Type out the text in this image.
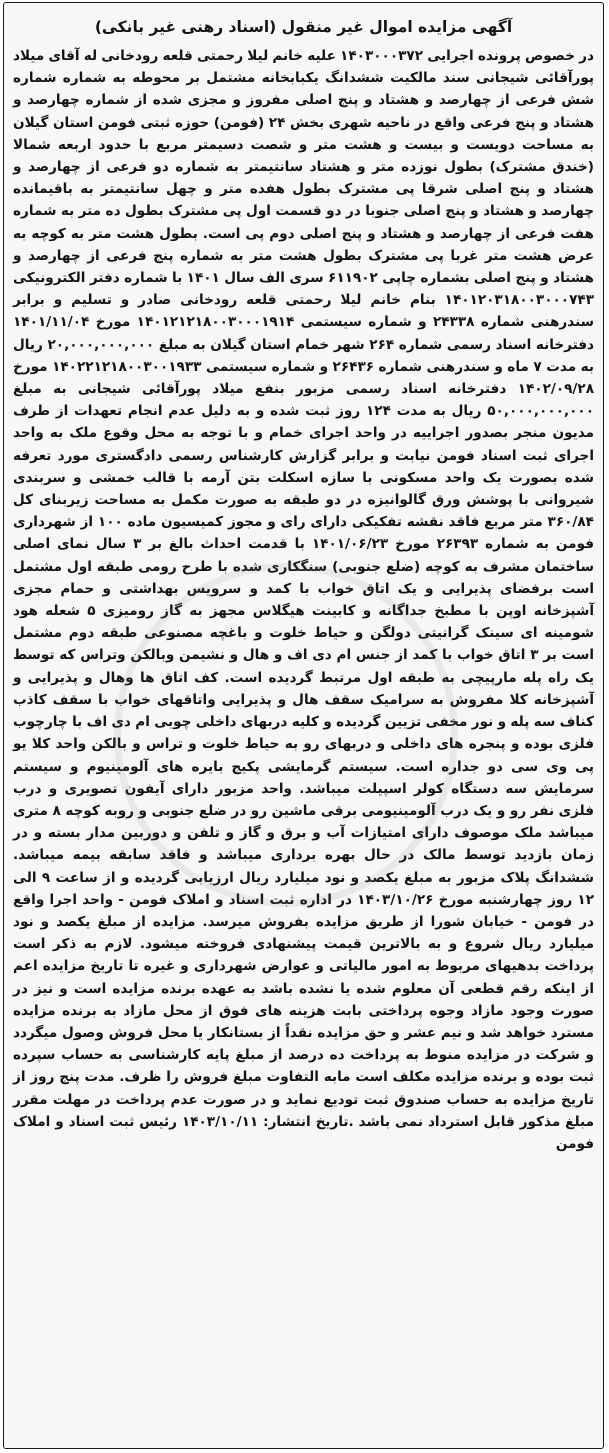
آگهی مزایده اموال غیر منقول (اسناد رهنی غیر بانکی)

در خصوص پرونده اجرایی ۱۴۰۳۰۰۰۳۷۲ علیه خانم لیلا رحمتی قلعه رودخانی له آقای میلاد پورآقائی شیجانی سند مالکیت ششدانگ یکبابخانه مشتمل بر محوطه به شماره شماره شش فرعی از چهارصد و هشتاد و پنج اصلی مفروز و مجزی شده از شماره چهارصد و هشتاد و پنج فرعی واقع در ناحیه شهری بخش ۲۴ (فومن) حوزه ثبتی فومن استان گیلان به مساحت دویست و بیست و هشت متر و شصت دسیمتر مربع با حدود اربعه شمالا (خندق مشترک) بطول نوزده متر و هشتاد سانتیمتر به شماره دو فرعی از چهارصد و هشتاد و پنج اصلی شرقا پی مشترک بطول هفده متر و چهل سانتیمتر به باقیمانده چهارصد و هشتاد و پنج اصلی جنوبا در دو قسمت اول پی مشترک بطول ده متر به شماره هفت فرعی از چهارصد و هشتاد و پنج اصلی دوم پی است. بطول هشت متر به کوچه به عرض هشت متر غربا پی مشترک بطول هشت متر به شماره پنج فرعی از چهارصد و هشتاد و پنج اصلی بشماره چاپی ۶۱۱۹۰۲ سری الف سال ۱۴۰۱ با شماره دفتر الکترونیکی ۱۴۰۱۲۰۳۱۸۰۰۳۰۰۰۷۴۳ بنام خانم لیلا رحمتی قلعه رودخانی صادر و تسلیم و برابر سندرهنی شماره ۲۴۳۳۸ و شماره سیستمی ۱۴۰۱۲۱۲۱۸۰۰۳۰۰۰۱۹۱۴ مورخ ۱۴۰۱/۱۱/۰۴ دفترخانه اسناد رسمی شماره ۲۶۴ شهر خمام استان گیلان به مبلغ ۲۰,۰۰۰,۰۰۰,۰۰۰ ریال به مدت ۷ ماه و سندرهنی شماره ۲۶۴۳۶ و شماره سیستمی ۱۴۰۲۲۱۲۱۸۰۰۳۰۰۱۹۳۳ مورخ ۱۴۰۲/۰۹/۲۸ دفترخانه اسناد رسمی مزبور بنفع میلاد پورآقائی شیجانی به مبلغ ۵۰,۰۰۰,۰۰۰,۰۰۰ ریال به مدت ۱۲۴ روز ثبت شده و به دلیل عدم انجام تعهدات از طرف مدیون منجر بصدور اجراییه در واحد اجرای خمام و با توجه به محل وقوع ملک به واحد اجرای ثبت اسناد فومن نیابت و برابر گزارش کارشناس رسمی دادگستری مورد تعرفه شده بصورت یک واحد مسکونی با سازه اسکلت بتن آرمه با قالب خمشی و سربندی شیروانی با پوشش ورق گالوانیزه در دو طبقه به صورت مکمل به مساحت زیربنای کل ۳۶۰/۸۴ متر مربع فاقد نقشه تفکیکی دارای رای و مجوز کمیسیون ماده ۱۰۰ از شهرداری فومن به شماره ۲۶۳۹۳ مورخ ۱۴۰۱/۰۶/۲۳ با قدمت احداث بالغ بر ۳ سال نمای اصلی ساختمان مشرف به کوچه (ضلع جنوبی) سنگکاری شده با طرح رومی طبقه اول مشتمل است برفضای پذیرایی و یک اتاق خواب با کمد و سرویس بهداشتی و حمام مجزی آشپزخانه اوپن با مطبخ جداگانه و کابینت هیگلاس مجهز به گاز رومیزی ۵ شعله هود شومینه ای سینک گرانیتی دولگن و حیاط خلوت و باغچه مصنوعی طبقه دوم مشتمل است بر ۳ اتاق خواب با کمد از جنس ام دی اف و هال و نشیمن وبالکن وتراس که توسط یک راه پله مارپیچی به طبقه اول مرتبط گردیده است. کف اتاق ها وهال و پذیرایی و آشپزخانه کلا مفروش به سرامیک سقف هال و پذیرایی واتاقهای خواب با سقف کاذب کناف سه پله و نور مخفی تزیین گردیده و کلیه دربهای داخلی چوبی ام دی اف با چارچوب فلزی بوده و پنجره های داخلی و دربهای رو به حیاط خلوت و تراس و بالکن واحد کلا یو پی وی سی دو جداره است. سیستم گرمایشی پکیج بایره های آلومینیوم و سیستم سرمایش سه دستگاه کولر اسپیلت میباشد. واحد مزبور دارای آیفون تصویری و درب فلزی نفر رو و یک درب آلومینیومی برقی ماشین رو در ضلع جنوبی و روبه کوچه ۸ متری میباشد ملک موصوف دارای امتیازات آب و برق و گاز و تلفن و دوربین مدار بسته و در زمان بازدید توسط مالک در حال بهره برداری میباشد و فاقد سابقه بیمه میباشد. ششدانگ پلاک مزبور به مبلغ یکصد و نود میلیارد ریال ارزیابی گردیده و از ساعت ۹ الی ۱۲ روز چهارشنبه مورخ ۱۴۰۳/۱۰/۲۶ در اداره ثبت اسناد و املاک فومن - واحد اجرا واقع در فومن - خیابان شورا از طریق مزایده بفروش میرسد. مزایده از مبلغ یکصد و نود میلیارد ریال شروع و به بالاترین قیمت پیشنهادی فروخته میشود. لازم به ذکر است پرداخت بدهیهای مربوط به امور مالیاتی و عوارض شهرداری و غیره تا تاریخ مزایده اعم از اینکه رقم قطعی آن معلوم شده یا نشده باشد به عهده برنده مزایده است و نیز در صورت وجود مازاد وجوه پرداختی بابت هزینه های فوق از محل مازاد به برنده مزایده مسترد خواهد شد و نیم عشر و حق مزایده نقداً از بستانکار یا محل فروش وصول میگردد و شرکت در مزایده منوط به پرداخت ده درصد از مبلغ پایه کارشناسی به حساب سپرده ثبت بوده و برنده مزایده مکلف است مابه التفاوت مبلغ فروش را ظرف. مدت پنج روز از تاریخ مزایده به حساب صندوق ثبت تودیع نماید و در صورت عدم پرداخت در مهلت مقرر مبلغ مذکور قابل استرداد نمی باشد .تاریخ انتشار: ۱۴۰۳/۱۰/۱۱ رئیس ثبت اسناد و املاک فومن
